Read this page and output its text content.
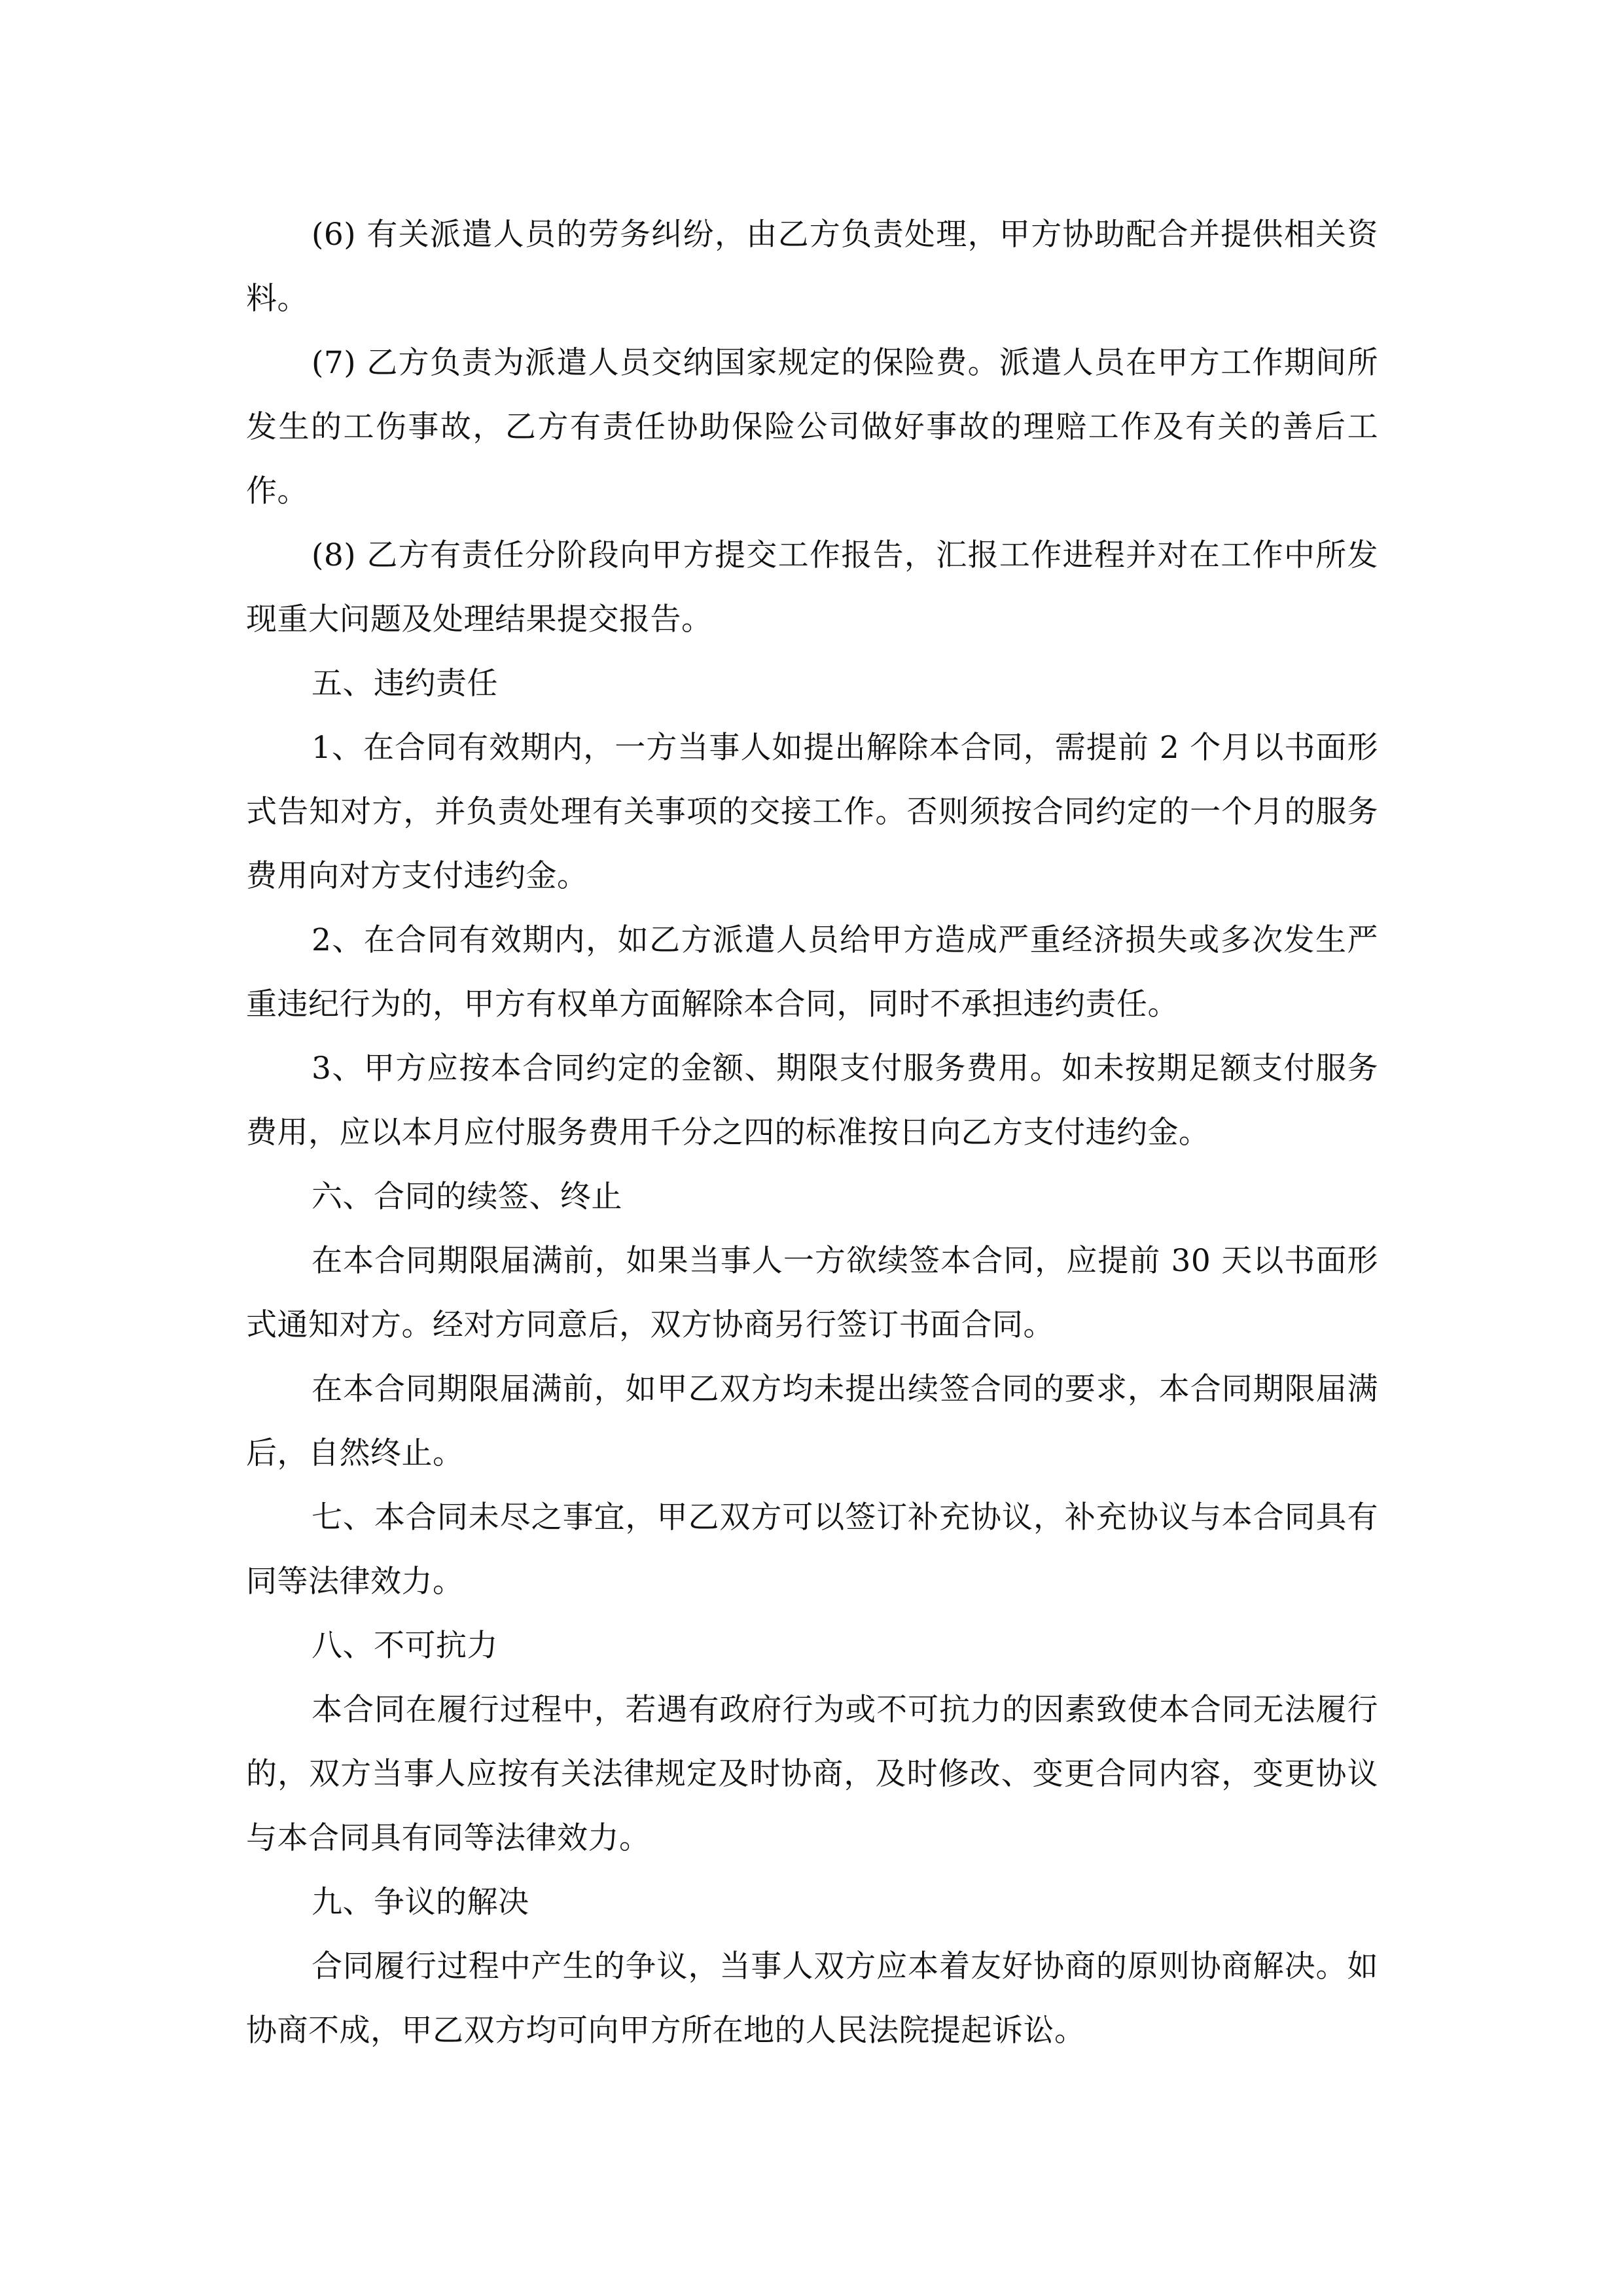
(6) 有关派遣人员的劳务纠纷，由乙方负责处理，甲方协助配合并提供相关资料。

(7) 乙方负责为派遣人员交纳国家规定的保险费。派遣人员在甲方工作期间所发生的工伤事故，乙方有责任协助保险公司做好事故的理赔工作及有关的善后工作。

(8) 乙方有责任分阶段向甲方提交工作报告，汇报工作进程并对在工作中所发现重大问题及处理结果提交报告。

五、违约责任

1、在合同有效期内，一方当事人如提出解除本合同，需提前 2 个月以书面形式告知对方，并负责处理有关事项的交接工作。否则须按合同约定的一个月的服务费用向对方支付违约金。

2、在合同有效期内，如乙方派遣人员给甲方造成严重经济损失或多次发生严重违纪行为的，甲方有权单方面解除本合同，同时不承担违约责任。

3、甲方应按本合同约定的金额、期限支付服务费用。如未按期足额支付服务费用，应以本月应付服务费用千分之四的标准按日向乙方支付违约金。

六、合同的续签、终止

在本合同期限届满前，如果当事人一方欲续签本合同，应提前 30 天以书面形式通知对方。经对方同意后，双方协商另行签订书面合同。

在本合同期限届满前，如甲乙双方均未提出续签合同的要求，本合同期限届满后，自然终止。

七、本合同未尽之事宜，甲乙双方可以签订补充协议，补充协议与本合同具有同等法律效力。

八、不可抗力

本合同在履行过程中，若遇有政府行为或不可抗力的因素致使本合同无法履行的，双方当事人应按有关法律规定及时协商，及时修改、变更合同内容，变更协议与本合同具有同等法律效力。

九、争议的解决

合同履行过程中产生的争议，当事人双方应本着友好协商的原则协商解决。如协商不成，甲乙双方均可向甲方所在地的人民法院提起诉讼。
